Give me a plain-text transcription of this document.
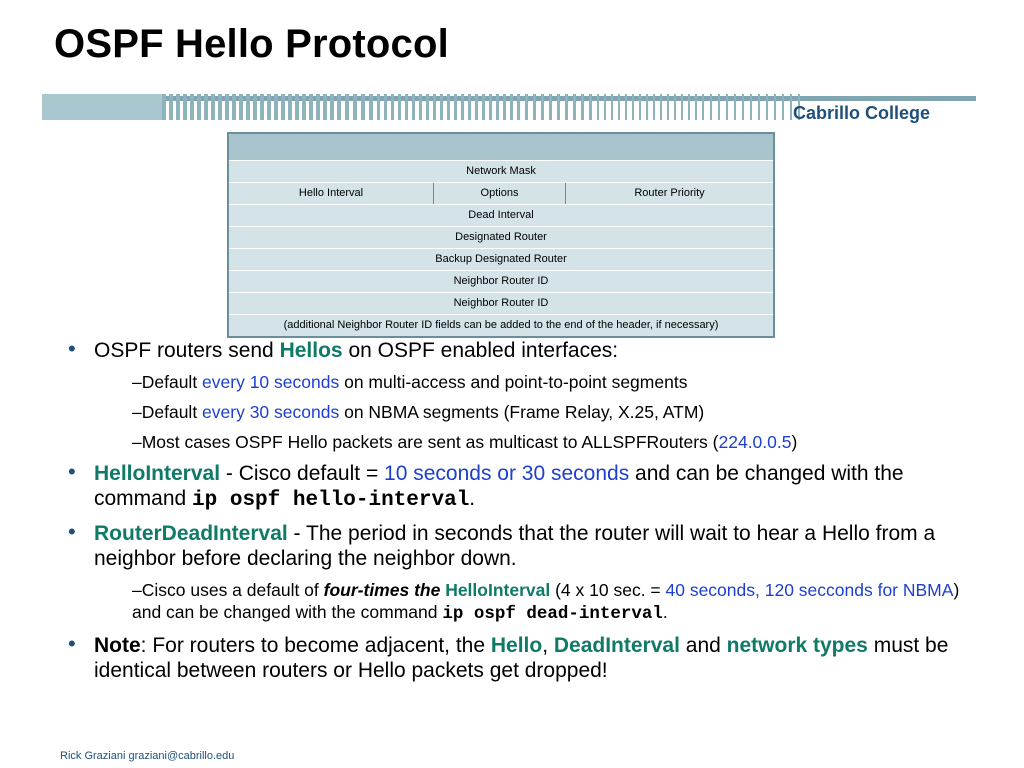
OSPF Hello Protocol
Cabrillo College
Network Mask
Hello Interval	Options	Router Priority
Dead Interval
Designated Router
Backup Designated Router
Neighbor Router ID
Neighbor Router ID
(additional Neighbor Router ID fields can be added to the end of the header, if necessary)
• OSPF routers send Hellos on OSPF enabled interfaces:
–Default every 10 seconds on multi-access and point-to-point segments
–Default every 30 seconds on NBMA segments (Frame Relay, X.25, ATM)
–Most cases OSPF Hello packets are sent as multicast to ALLSPFRouters (224.0.0.5)
• HelloInterval - Cisco default = 10 seconds or 30 seconds and can be changed with the command ip ospf hello-interval.
• RouterDeadInterval - The period in seconds that the router will wait to hear a Hello from a neighbor before declaring the neighbor down.
–Cisco uses a default of four-times the HelloInterval (4 x 10 sec. = 40 seconds, 120 secconds for NBMA) and can be changed with the command ip ospf dead-interval.
• Note: For routers to become adjacent, the Hello, DeadInterval and network types must be identical between routers or Hello packets get dropped!
Rick Graziani graziani@cabrillo.edu
